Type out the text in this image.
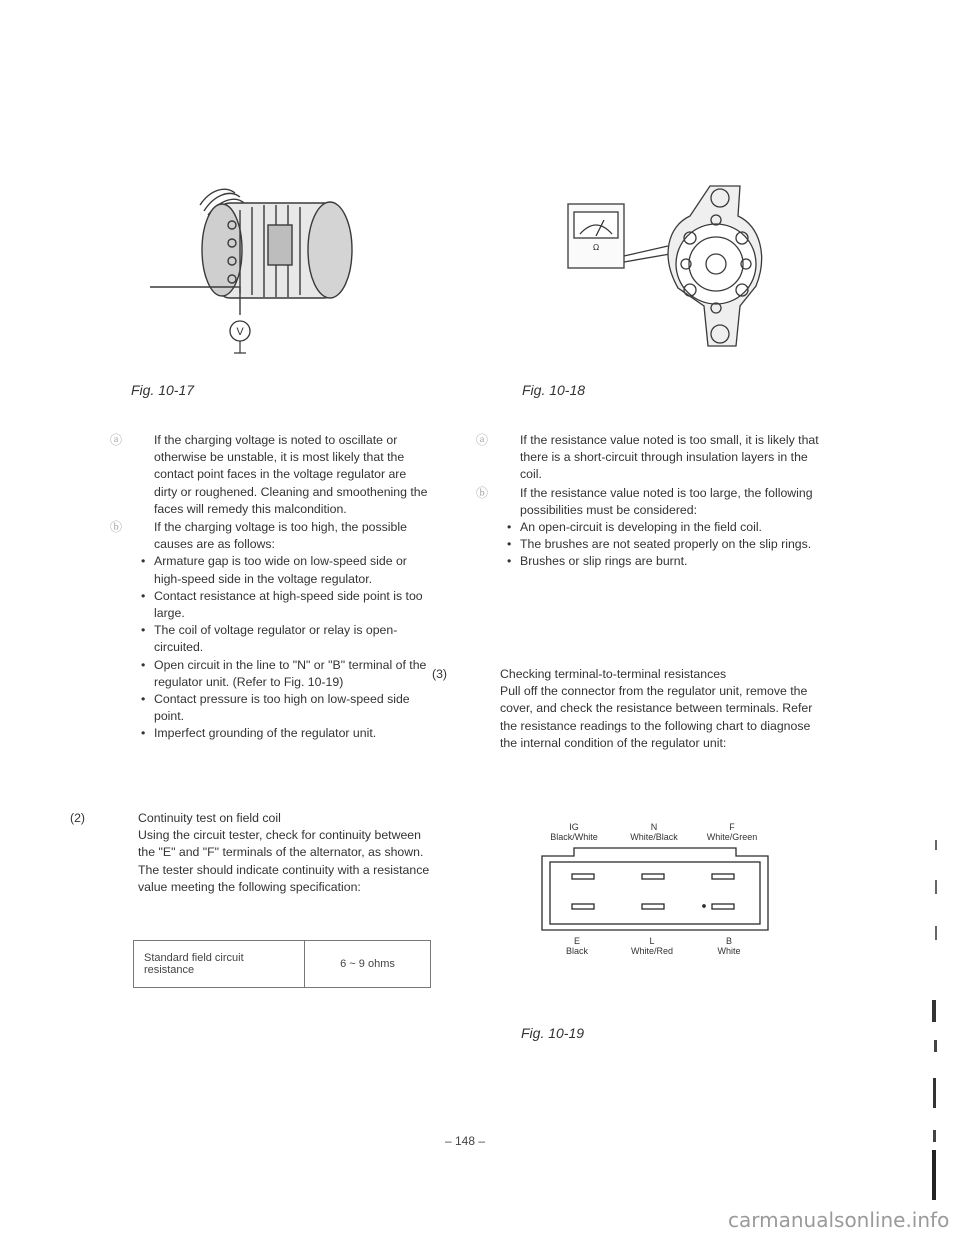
V
Ω
Fig. 10-17	Fig. 10-18

ⓐ	If the charging voltage is noted to oscillate or otherwise be unstable, it is most likely that the contact point faces in the voltage regulator are dirty or roughened. Cleaning and smoothening the faces will remedy this malcondition.

ⓑ	If the charging voltage is too high, the possible causes are as follows:

• Armature gap is too wide on low-speed side or high-speed side in the voltage regulator.

• Contact resistance at high-speed side point is too large.

• The coil of voltage regulator or relay is open-circuited.

• Open circuit in the line to "N" or "B" terminal of the regulator unit. (Refer to Fig. 10-19)

• Contact pressure is too high on low-speed side point.

• Imperfect grounding of the regulator unit.

(2)	Continuity test on field coil

Using the circuit tester, check for continuity between the "E" and "F" terminals of the alternator, as shown. The tester should indicate continuity with a resistance value meeting the following specification:

Standard field circuit resistance	6 ~ 9 ohms

ⓐ	If the resistance value noted is too small, it is likely that there is a short-circuit through insulation layers in the coil.

ⓑ	If the resistance value noted is too large, the following possibilities must be considered:

• An open-circuit is developing in the field coil.

• The brushes are not seated properly on the slip rings.

• Brushes or slip rings are burnt.

(3)	Checking terminal-to-terminal resistances

Pull off the connector from the regulator unit, remove the cover, and check the resistance between terminals. Refer the resistance readings to the following chart to diagnose the internal condition of the regulator unit:

IG
Black/White
N
White/Black
F
White/Green
E
Black
L
White/Red
B
White
Fig. 10-19
– 148 –
carmanualsonline.info
